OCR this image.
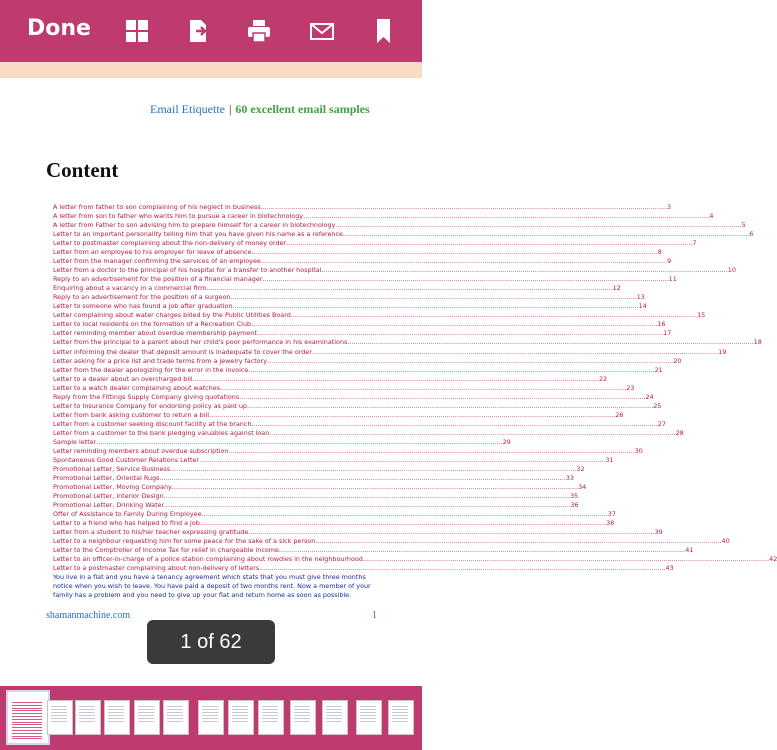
Done
Email Etiquette | 60 excellent email samples
Content
A letter from father to son complaining of his neglect in business .....	3
A letter from son to father who wants him to pursue a career in biotechnology .....	4
A letter from Father to son advising him to prepare himself for a career in biotechnology .....	5
Letter to an important personality telling him that you have given his name as a reference .....	6
Letter to postmaster complaining about the non-delivery of money order .....	7
Letter from an employee to his employer for leave of absence .....	8
Letter from the manager confirming the services of an employee .....	9
Letter from a doctor to the principal of his hospital for a transfer to another hospital .....	10
Reply to an advertisement for the position of a financial manager .....	11
Enquiring about a vacancy in a commercial firm .....	12
Reply to an advertisement for the position of a surgeon .....	13
Letter to someone who has found a job after graduation .....	14
Letter complaining about water charges billed by the Public Utilities Board .....	15
Letter to local residents on the formation of a Recreation Club .....	16
Letter reminding member about overdue membership payment .....	17
Letter from the principal to a parent about her child's poor performance in his examinations .....	18
Letter informing the dealer that deposit amount is inadequate to cover the order .....	19
Letter asking for a price list and trade terms from a jewelry factory .....	20
Letter from the dealer apologizing for the error in the invoice .....	21
Letter to a dealer about an overcharged bill .....	22
Letter to a watch dealer complaining about watches .....	23
Reply from the Fittings Supply Company giving quotations .....	24
Letter to Insurance Company for endorsing policy as paid up .....	25
Letter from bank asking customer to return a bill .....	26
Letter from a customer seeking discount facility at the branch .....	27
Letter from a customer to the bank pledging valuables against loan .....	28
Sample letter .....	29
Letter reminding members about overdue subscription .....	30
Spontaneous Good Customer Relations Letter .....	31
Promotional Letter, Service Business .....	32
Promotional Letter, Oriental Rugs .....	33
Promotional Letter, Moving Company .....	34
Promotional Letter, Interior Design .....	35
Promotional Letter, Drinking Water .....	36
Offer of Assistance to Family During Employee .....	37
Letter to a friend who has helped to find a job .....	38
Letter from a student to his/her teacher expressing gratitude .....	39
Letter to a neighbour requesting him for some peace for the sake of a sick person .....	40
Letter to the Comptroller of Income Tax for relief in chargeable income .....	41
Letter to an officer-in-charge of a police station complaining about rowdies in the neighbourhood .....	42
Letter to a postmaster complaining about non-delivery of letters .....	43
You live in a flat and you have a tenancy agreement which stats that you must give three months notice when you wish to leave. You have paid a deposit of two months rent. Now a member of your family has a problem and you need to give up your flat and return home as soon as possible.
shamanmachine.com	1
1 of 62
